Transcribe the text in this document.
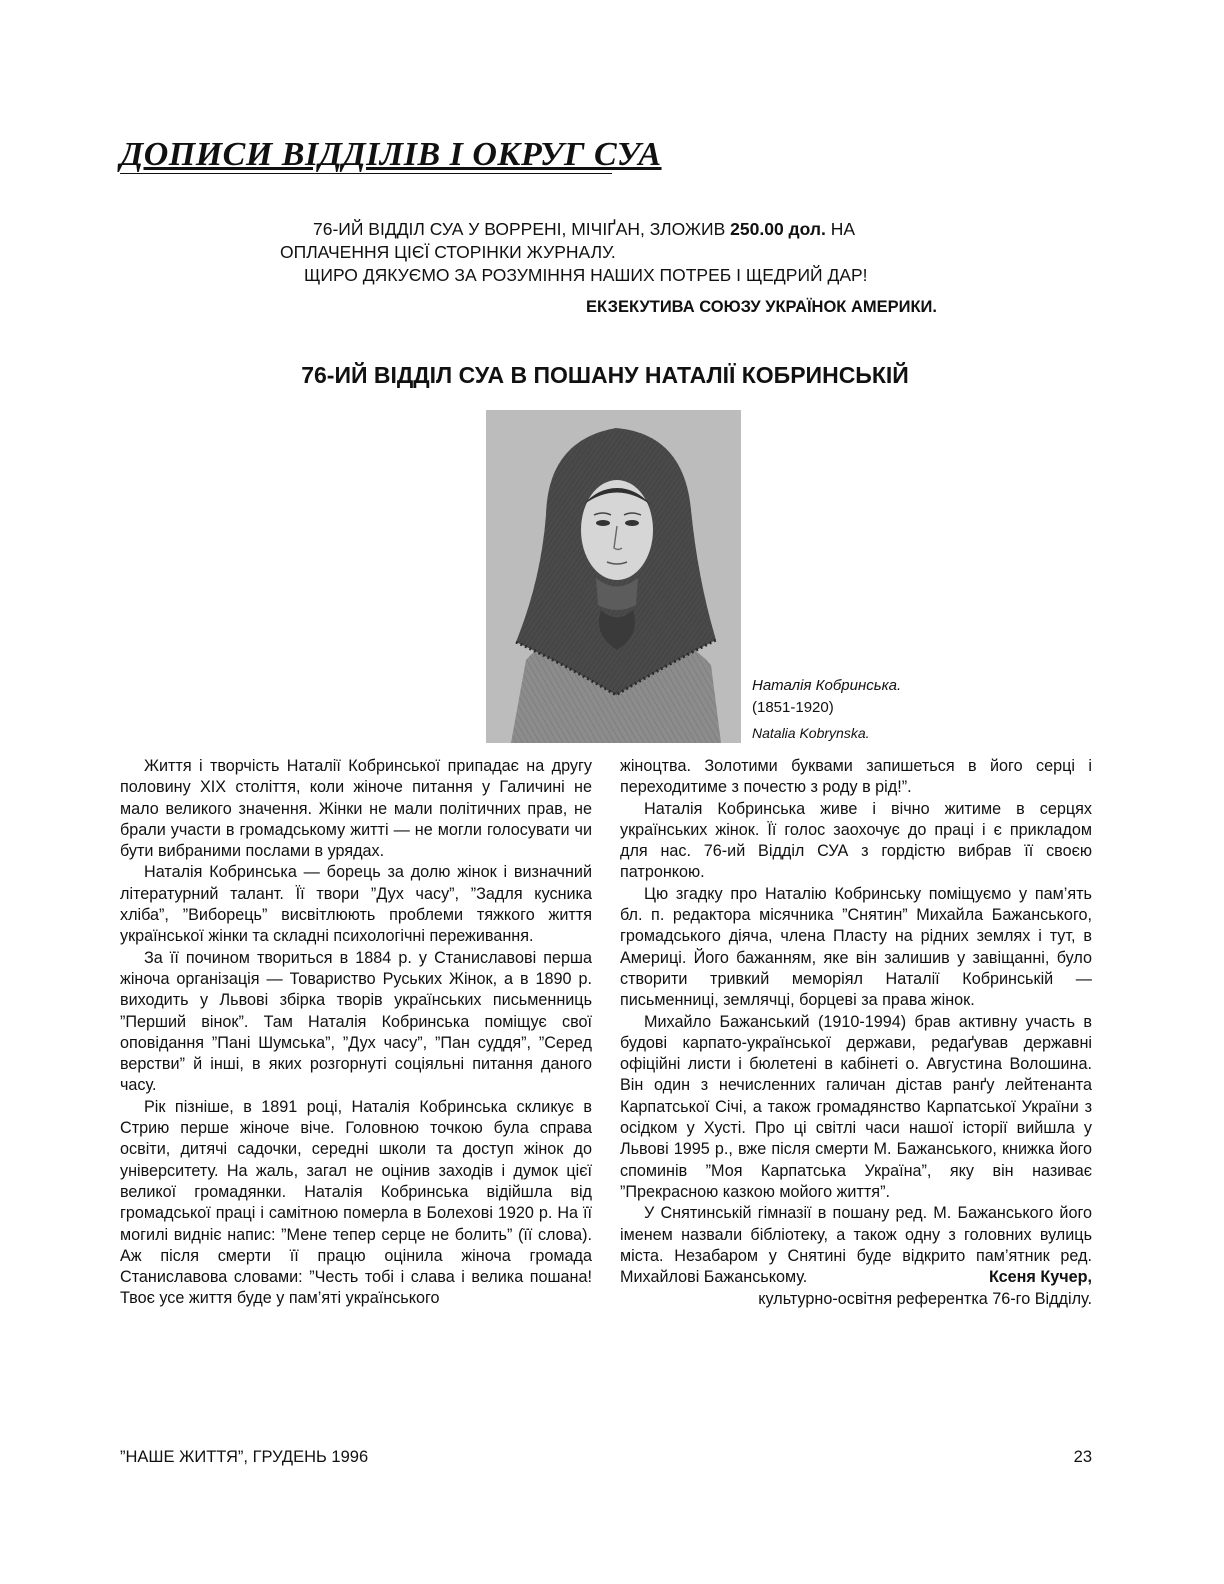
ДОПИСИ ВІДДІЛІВ І ОКРУГ СУА

76-ИЙ ВІДДІЛ СУА У ВОРРЕНІ, МІЧІҐАН, ЗЛОЖИВ 250.00 дол. НА

ОПЛАЧЕННЯ ЦІЄЇ СТОРІНКИ ЖУРНАЛУ.

ЩИРО ДЯКУЄМО ЗА РОЗУМІННЯ НАШИХ ПОТРЕБ І ЩЕДРИЙ ДАР!

ЕКЗЕКУТИВА СОЮЗУ УКРАЇНОК АМЕРИКИ.
76-ИЙ ВІДДІЛ СУА В ПОШАНУ НАТАЛІЇ КОБРИНСЬКІЙ
Наталія Кобринська.
(1851-1920)
Natalia Kobrynska.

Життя і творчість Наталії Кобринської припадає на другу половину XIX століття, коли жіноче питання у Галичині не мало великого значення. Жінки не мали політичних прав, не брали участи в громадському житті — не могли голосувати чи бути вибраними послами в урядах.

Наталія Кобринська — борець за долю жінок і визначний літературний талант. Її твори ”Дух часу”, ”Задля кусника хліба”, ”Виборець” висвітлюють проблеми тяжкого життя української жінки та складні психологічні переживання.

За її почином твориться в 1884 р. у Станиславові перша жіноча організація — Товариство Руських Жінок, а в 1890 р. виходить у Львові збірка творів українських письменниць ”Перший вінок”. Там Наталія Кобринська поміщує свої оповідання ”Пані Шумська”, ”Дух часу”, ”Пан суддя”, ”Серед верстви” й інші, в яких розгорнуті соціяльні питання даного часу.

Рік пізніше, в 1891 році, Наталія Кобринська скликує в Стрию перше жіноче віче. Головною точкою була справа освіти, дитячі садочки, середні школи та доступ жінок до університету. На жаль, загал не оцінив заходів і думок цієї великої громадянки. Наталія Кобринська відійшла від громадської праці і самітною померла в Болехові 1920 р. На її могилі видніє напис: ”Мене тепер серце не болить” (її слова). Аж після смерти її працю оцінила жіноча громада Станиславова словами: ”Честь тобі і слава і велика пошана! Твоє усе життя буде у пам’яті українського

жіноцтва. Золотими буквами запишеться в його серці і переходитиме з почестю з роду в рід!”.

Наталія Кобринська живе і вічно житиме в серцях українських жінок. Її голос заохочує до праці і є прикладом для нас. 76-ий Відділ СУА з гордістю вибрав її своєю патронкою.

Цю згадку про Наталію Кобринську поміщуємо у пам’ять бл. п. редактора місячника ”Снятин” Михайла Бажанського, громадського діяча, члена Пласту на рідних землях і тут, в Америці. Його бажанням, яке він залишив у завіщанні, було створити тривкий меморіял Наталії Кобринській — письменниці, землячці, борцеві за права жінок.

Михайло Бажанський (1910-1994) брав активну участь в будові карпато-української держави, редаґував державні офіційні листи і бюлетені в кабінеті о. Августина Волошина. Він один з нечисленних галичан дістав ранґу лейтенанта Карпатської Січі, а також громадянство Карпатської України з осідком у Хусті. Про ці світлі часи нашої історії вийшла у Львові 1995 р., вже після смерти М. Бажанського, книжка його споминів ”Моя Карпатська Україна”, яку він називає ”Прекрасною казкою мойого життя”.

У Снятинській гімназії в пошану ред. М. Бажанського його іменем назвали бібліотеку, а також одну з головних вулиць міста. Незабаром у Снятині буде відкрито пам’ятник ред. Михайлові Бажанському.	Ксеня Кучер,

культурно-освітня референтка 76-го Відділу.

”НАШЕ ЖИТТЯ”, ГРУДЕНЬ 1996	23
